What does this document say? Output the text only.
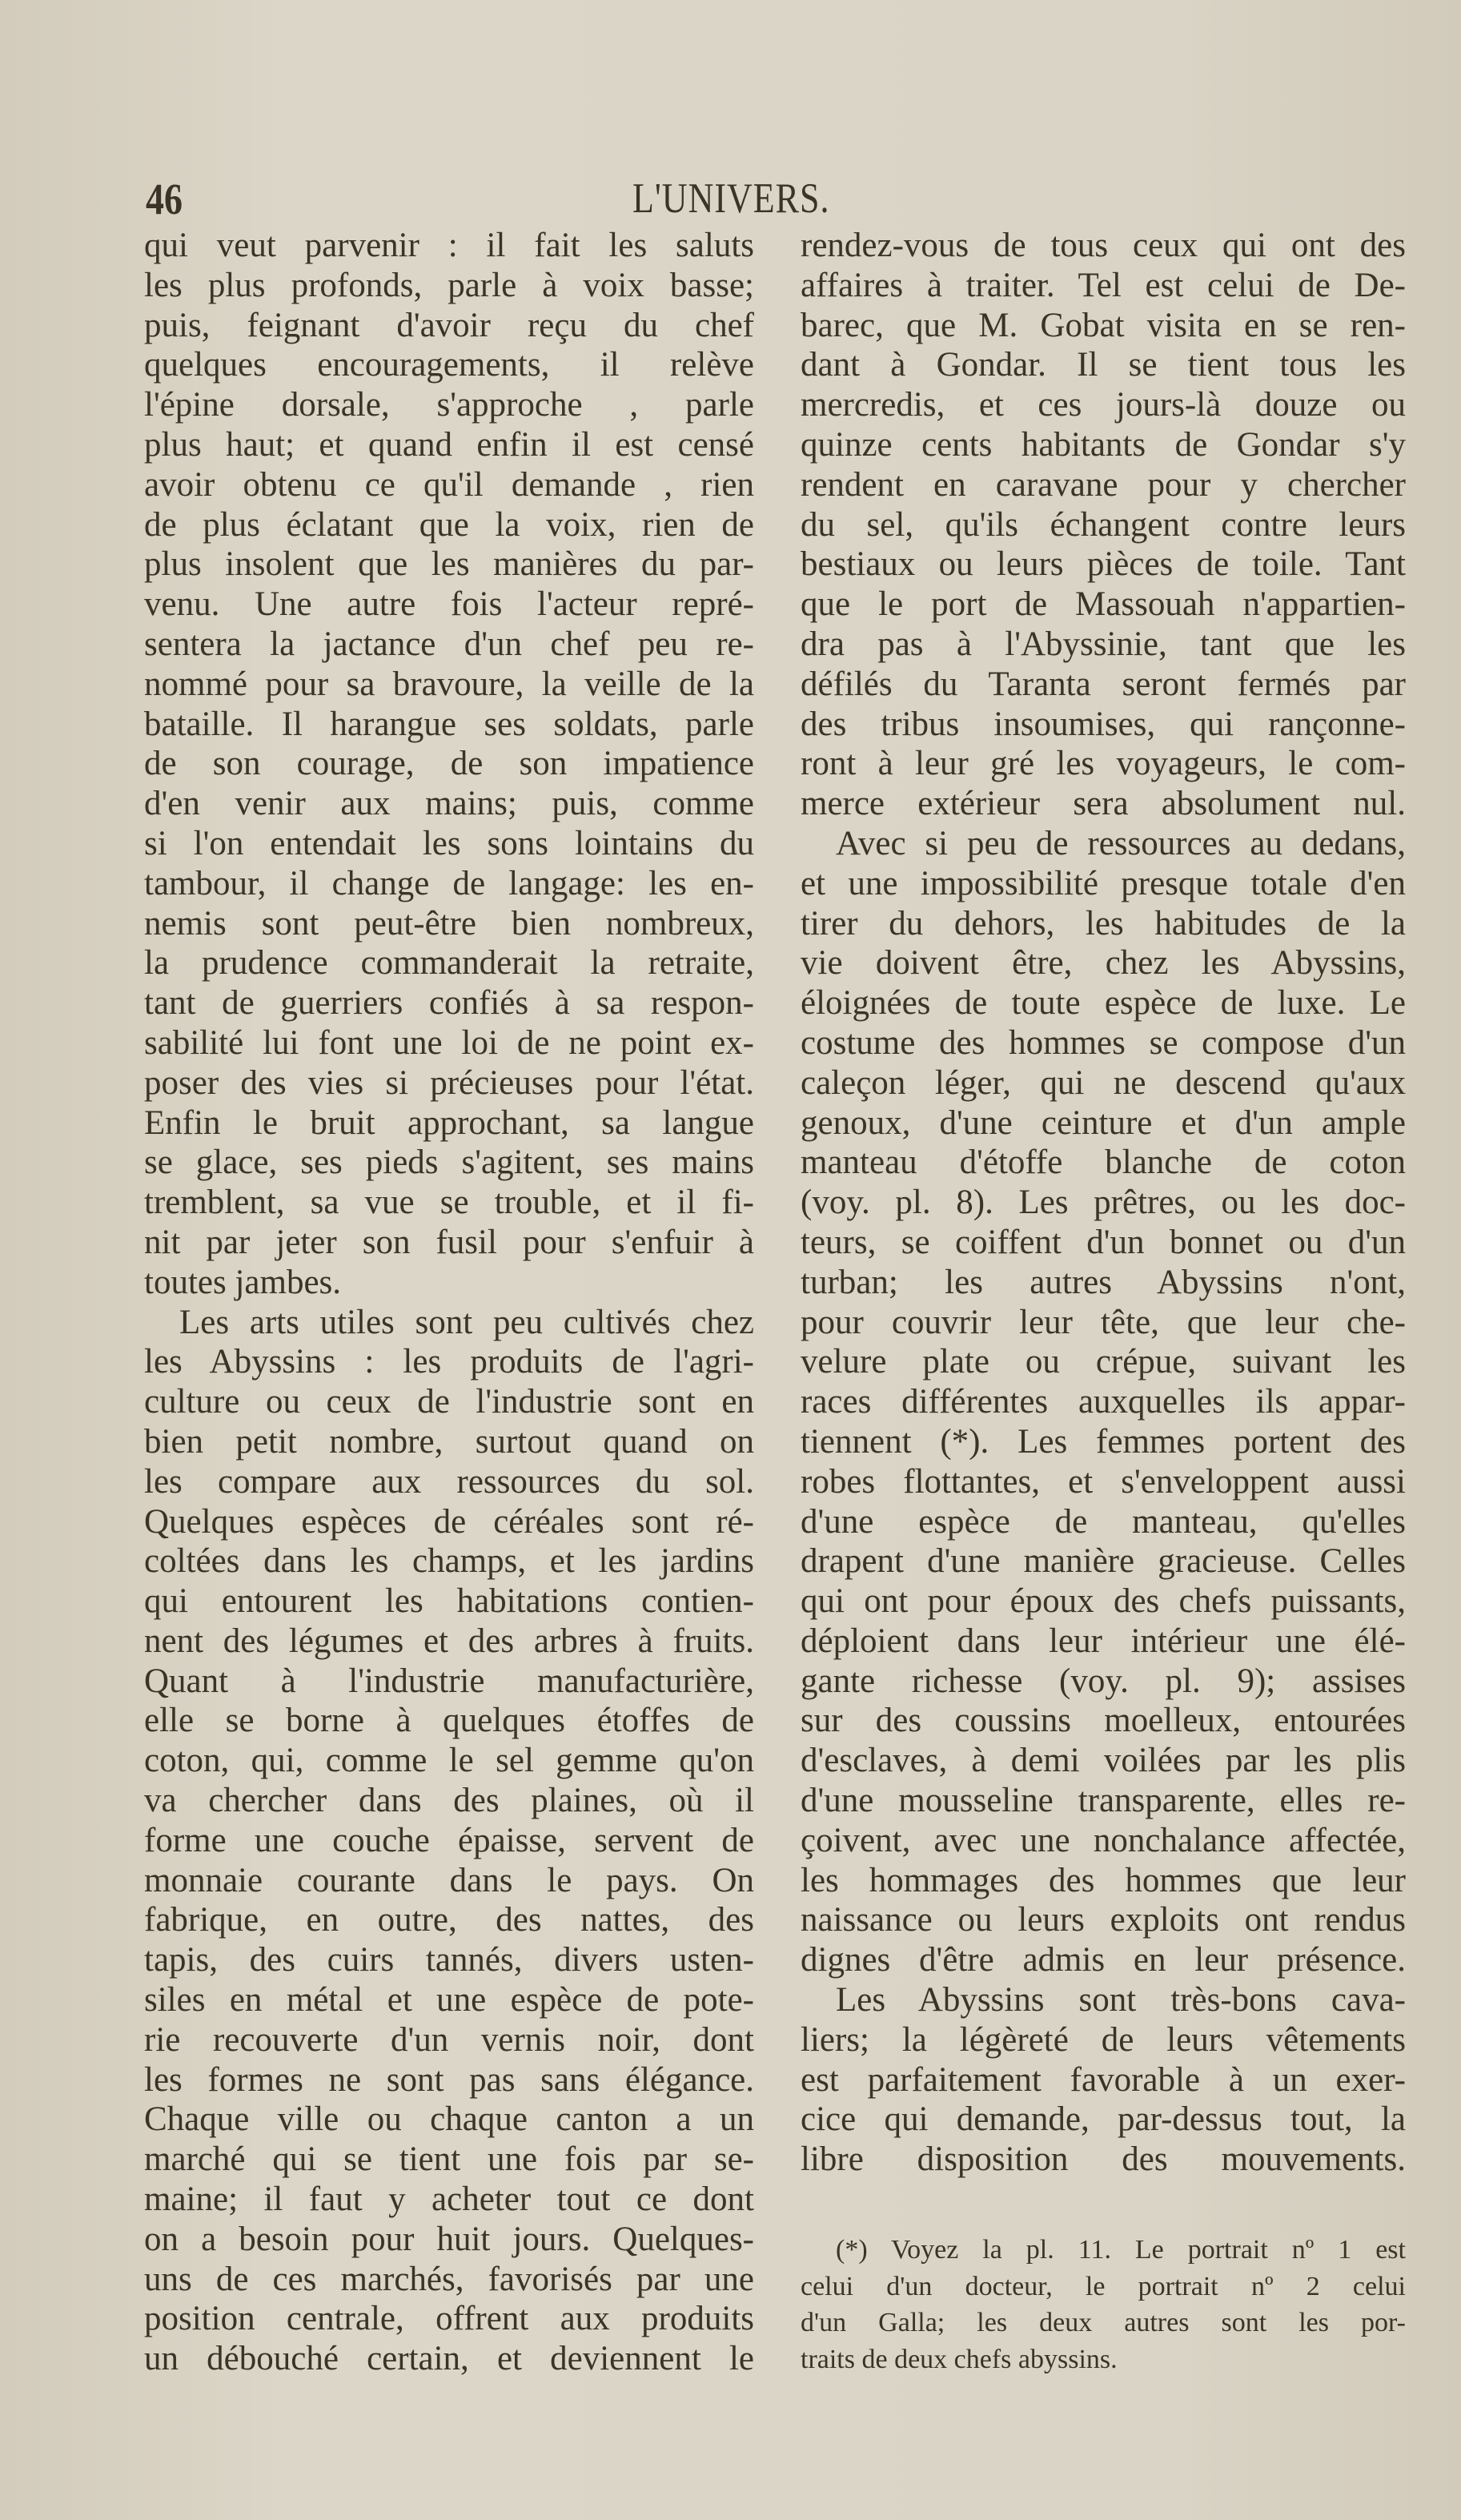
46	L'UNIVERS.
qui veut parvenir : il fait les saluts
les plus profonds, parle à voix basse;
puis, feignant d'avoir reçu du chef
quelques encouragements, il relève
l'épine dorsale, s'approche , parle
plus haut; et quand enfin il est censé
avoir obtenu ce qu'il demande , rien
de plus éclatant que la voix, rien de
plus insolent que les manières du par-
venu. Une autre fois l'acteur repré-
sentera la jactance d'un chef peu re-
nommé pour sa bravoure, la veille de la
bataille. Il harangue ses soldats, parle
de son courage, de son impatience
d'en venir aux mains; puis, comme
si l'on entendait les sons lointains du
tambour, il change de langage: les en-
nemis sont peut-être bien nombreux,
la prudence commanderait la retraite,
tant de guerriers confiés à sa respon-
sabilité lui font une loi de ne point ex-
poser des vies si précieuses pour l'état.
Enfin le bruit approchant, sa langue
se glace, ses pieds s'agitent, ses mains
tremblent, sa vue se trouble, et il fi-
nit par jeter son fusil pour s'enfuir à
toutes jambes.
Les arts utiles sont peu cultivés chez
les Abyssins : les produits de l'agri-
culture ou ceux de l'industrie sont en
bien petit nombre, surtout quand on
les compare aux ressources du sol.
Quelques espèces de céréales sont ré-
coltées dans les champs, et les jardins
qui entourent les habitations contien-
nent des légumes et des arbres à fruits.
Quant à l'industrie manufacturière,
elle se borne à quelques étoffes de
coton, qui, comme le sel gemme qu'on
va chercher dans des plaines, où il
forme une couche épaisse, servent de
monnaie courante dans le pays. On
fabrique, en outre, des nattes, des
tapis, des cuirs tannés, divers usten-
siles en métal et une espèce de pote-
rie recouverte d'un vernis noir, dont
les formes ne sont pas sans élégance.
Chaque ville ou chaque canton a un
marché qui se tient une fois par se-
maine; il faut y acheter tout ce dont
on a besoin pour huit jours. Quelques-
uns de ces marchés, favorisés par une
position centrale, offrent aux produits
un débouché certain, et deviennent le
rendez-vous de tous ceux qui ont des
affaires à traiter. Tel est celui de De-
barec, que M. Gobat visita en se ren-
dant à Gondar. Il se tient tous les
mercredis, et ces jours-là douze ou
quinze cents habitants de Gondar s'y
rendent en caravane pour y chercher
du sel, qu'ils échangent contre leurs
bestiaux ou leurs pièces de toile. Tant
que le port de Massouah n'appartien-
dra pas à l'Abyssinie, tant que les
défilés du Taranta seront fermés par
des tribus insoumises, qui rançonne-
ront à leur gré les voyageurs, le com-
merce extérieur sera absolument nul.
Avec si peu de ressources au dedans,
et une impossibilité presque totale d'en
tirer du dehors, les habitudes de la
vie doivent être, chez les Abyssins,
éloignées de toute espèce de luxe. Le
costume des hommes se compose d'un
caleçon léger, qui ne descend qu'aux
genoux, d'une ceinture et d'un ample
manteau d'étoffe blanche de coton
(voy. pl. 8). Les prêtres, ou les doc-
teurs, se coiffent d'un bonnet ou d'un
turban; les autres Abyssins n'ont,
pour couvrir leur tête, que leur che-
velure plate ou crépue, suivant les
races différentes auxquelles ils appar-
tiennent (*). Les femmes portent des
robes flottantes, et s'enveloppent aussi
d'une espèce de manteau, qu'elles
drapent d'une manière gracieuse. Celles
qui ont pour époux des chefs puissants,
déploient dans leur intérieur une élé-
gante richesse (voy. pl. 9); assises
sur des coussins moelleux, entourées
d'esclaves, à demi voilées par les plis
d'une mousseline transparente, elles re-
çoivent, avec une nonchalance affectée,
les hommages des hommes que leur
naissance ou leurs exploits ont rendus
dignes d'être admis en leur présence.
Les Abyssins sont très-bons cava-
liers; la légèreté de leurs vêtements
est parfaitement favorable à un exer-
cice qui demande, par-dessus tout, la
libre disposition des mouvements.
(*) Voyez la pl. 11. Le portrait nº 1 est
celui d'un docteur, le portrait nº 2 celui
d'un Galla; les deux autres sont les por-
traits de deux chefs abyssins.
